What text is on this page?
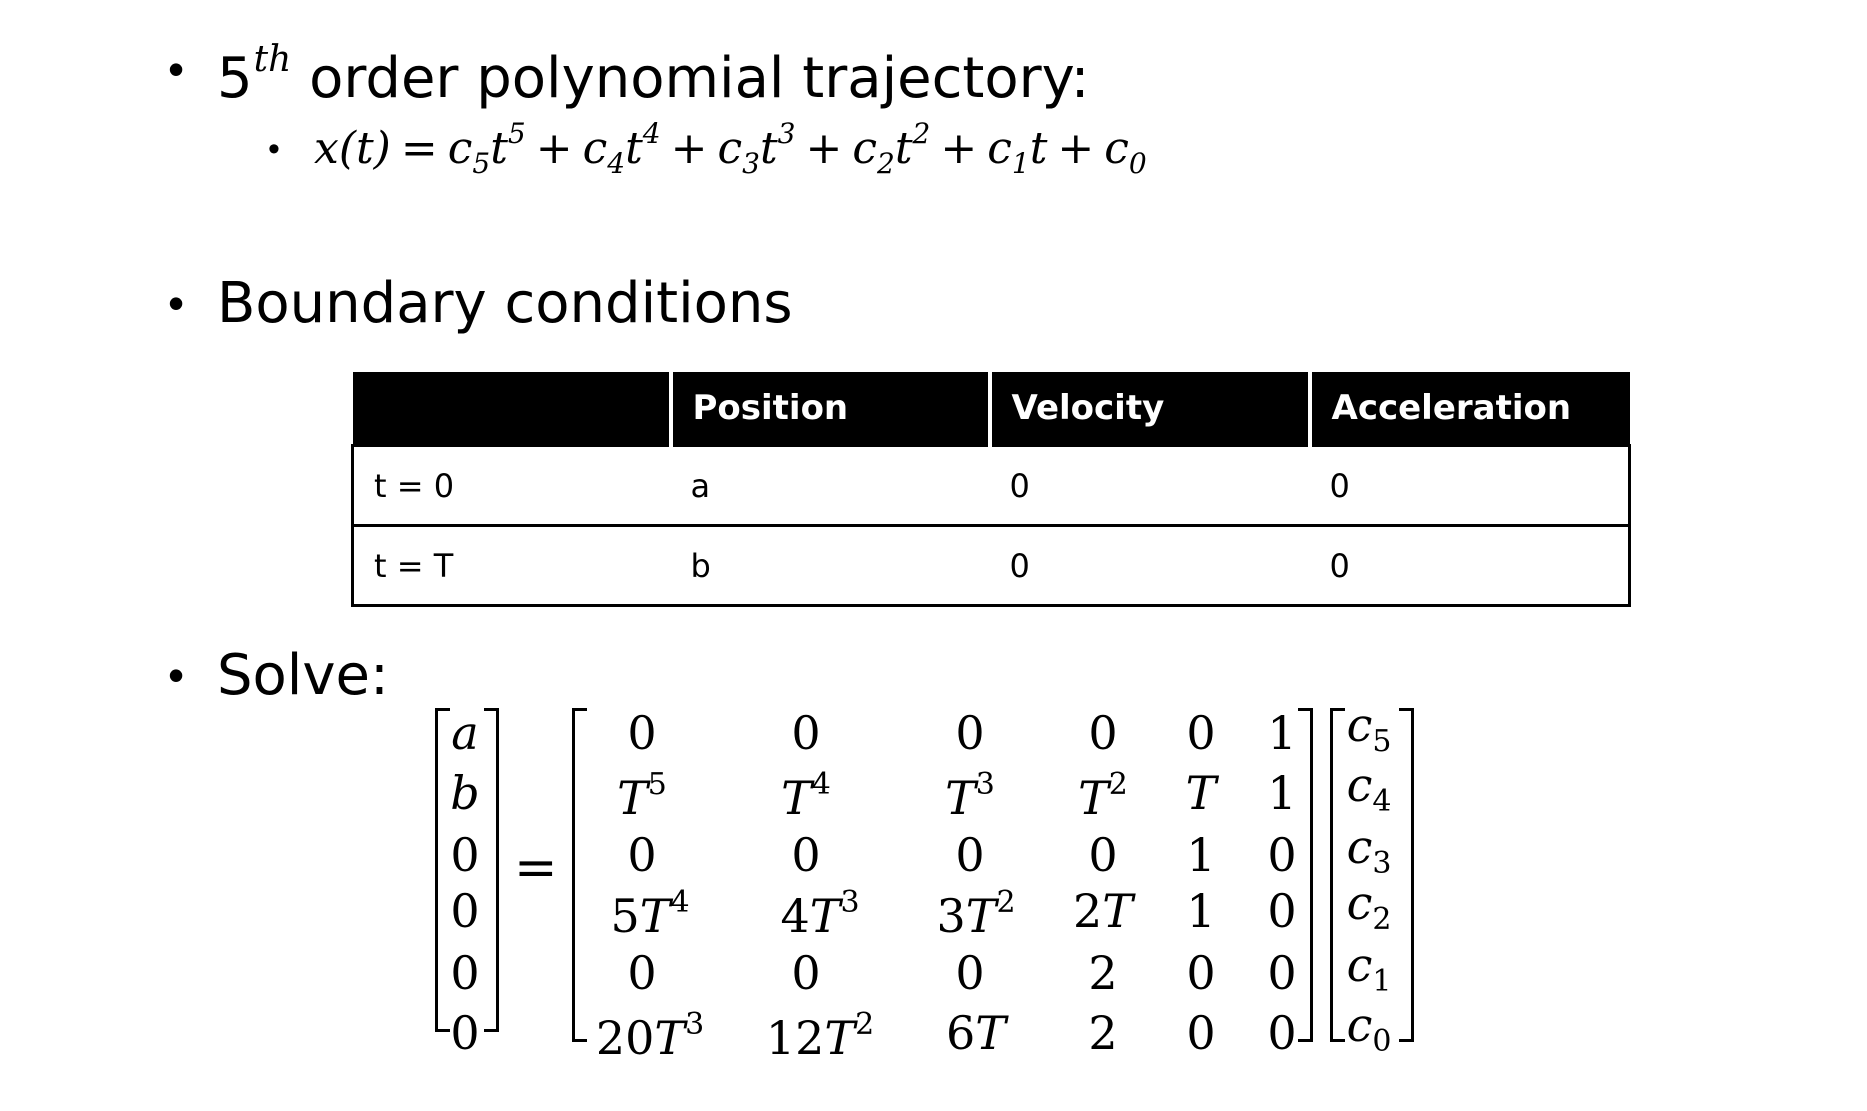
• 5th order polynomial trajectory:
• $x(t) = c_5t^5 + c_4t^4 + c_3t^3 + c_2t^2 + c_1t + c_0$
• Boundary conditions
	Position	Velocity	Acceleration
t = 0	a	0	0
t = T	b	0	0
• Solve:
=
a
b
0
0
0
0
0	0	0 0 0 1
$T^5$ $T^4$ $T^3$ $T^2$ T 1
0	0	0 0 1 0
$5T^4$ $4T^3$ $3T^2$ 2T 1 0
0	0	0 2 0 0
$20T^3$ $12T^2$ 6T 2 0 0
$c_5$
$c_4$
$c_3$
$c_2$
$c_1$
$c_0$
